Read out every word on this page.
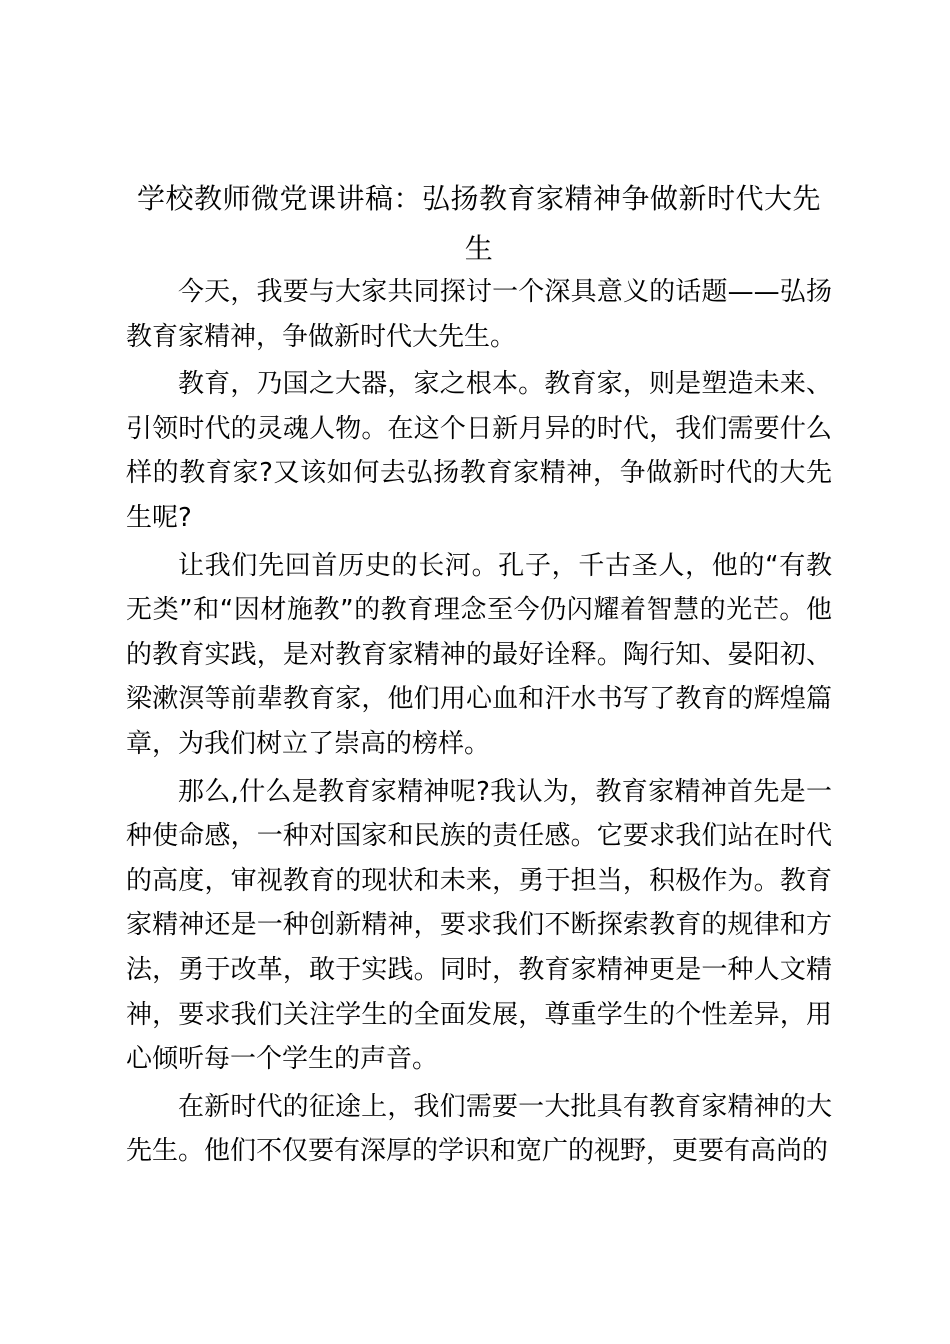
学校教师微党课讲稿：弘扬教育家精神争做新时代大先生

今天，我要与大家共同探讨一个深具意义的话题——弘扬教育家精神，争做新时代大先生。

教育，乃国之大器，家之根本。教育家，则是塑造未来、引领时代的灵魂人物。在这个日新月异的时代，我们需要什么样的教育家?又该如何去弘扬教育家精神，争做新时代的大先生呢?

让我们先回首历史的长河。孔子，千古圣人，他的“有教无类”和“因材施教”的教育理念至今仍闪耀着智慧的光芒。他的教育实践，是对教育家精神的最好诠释。陶行知、晏阳初、梁漱溟等前辈教育家，他们用心血和汗水书写了教育的辉煌篇章，为我们树立了崇高的榜样。

那么,什么是教育家精神呢?我认为，教育家精神首先是一种使命感，一种对国家和民族的责任感。它要求我们站在时代的高度，审视教育的现状和未来，勇于担当，积极作为。教育家精神还是一种创新精神，要求我们不断探索教育的规律和方法，勇于改革，敢于实践。同时，教育家精神更是一种人文精神，要求我们关注学生的全面发展，尊重学生的个性差异，用心倾听每一个学生的声音。

在新时代的征途上，我们需要一大批具有教育家精神的大先生。他们不仅要有深厚的学识和宽广的视野，更要有高尚的
